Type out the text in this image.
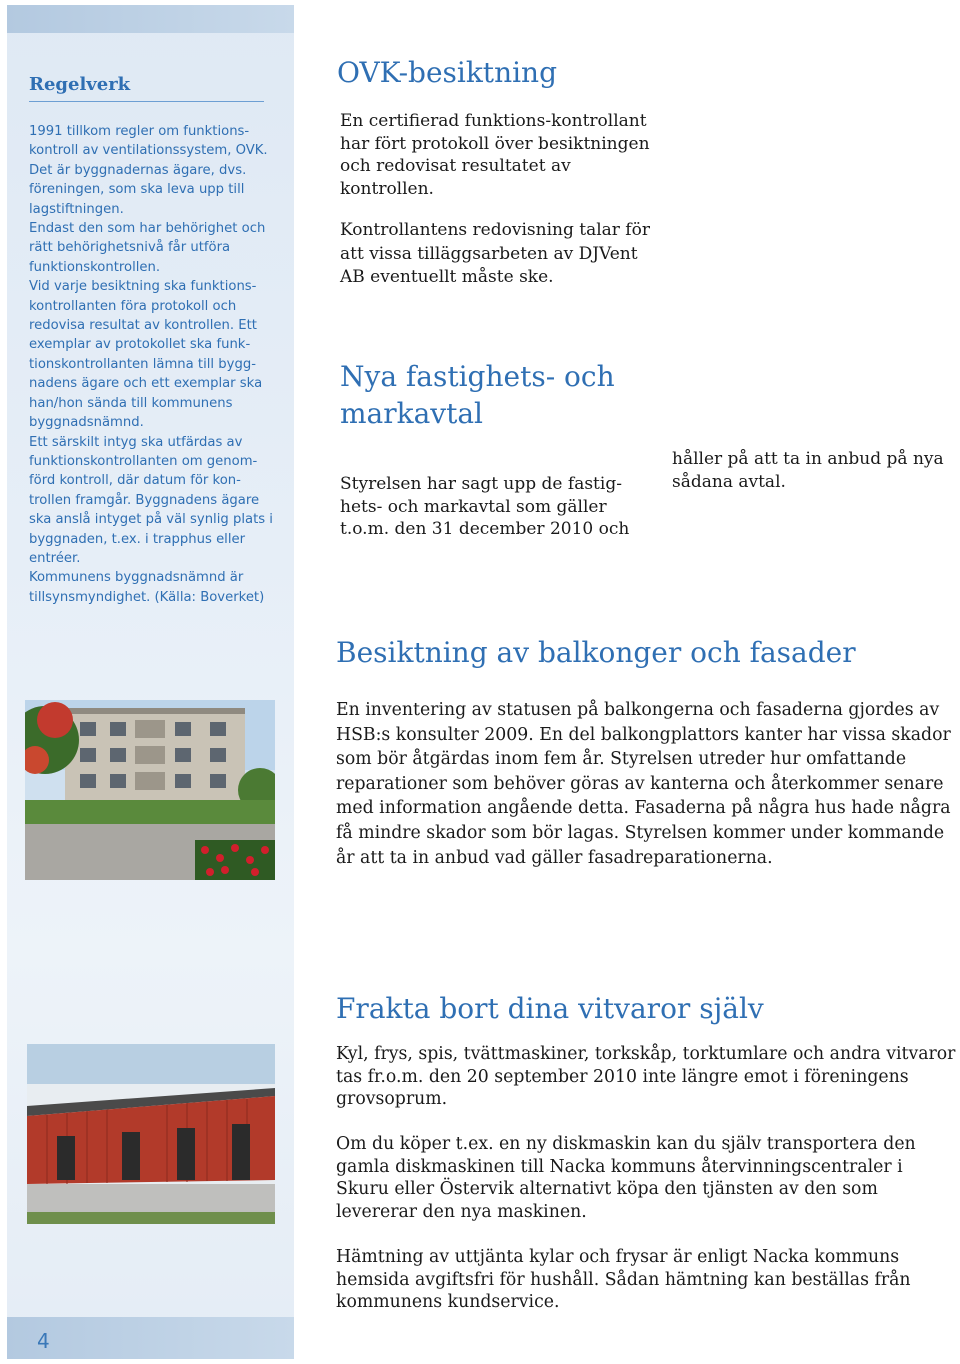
4
Regelverk

1991 tillkom regler om funktions-kontroll av ventilationssystem, OVK.

Det är byggnadernas ägare, dvs. föreningen, som ska leva upp till lagstiftningen.

Endast den som har behörighet och rätt behörighetsnivå får utföra funktionskontrollen.

Vid varje besiktning ska funktions-kontrollanten föra protokoll och redovisa resultat av kontrollen. Ett exemplar av protokollet ska funk-tionskontrollanten lämna till bygg-nadens ägare och ett exemplar ska han/hon sända till kommunens byggnadsnämnd.

Ett särskilt intyg ska utfärdas av funktionskontrollanten om genom-förd kontroll, där datum för kon-trollen framgår. Byggnadens ägare ska anslå intyget på väl synlig plats i byggnaden, t.ex. i trapphus eller entréer.

Kommunens byggnadsnämnd är tillsynsmyndighet. (Källa: Boverket)

OVK-besiktning

En certifierad funktions-kontrollant har fört protokoll över besiktningen och redovisat resultatet av kontrollen.

Kontrollantens redovisning talar för att vissa tilläggsarbeten av DJVent AB eventuellt måste ske.

Nya fastighets- och markavtal

Styrelsen har sagt upp de fastig-hets- och markavtal som gäller t.o.m. den 31 december 2010 och

håller på att ta in anbud på nya sådana avtal.

Besiktning av balkonger och fasader

En inventering av statusen på balkongerna och fasaderna gjordes av HSB:s konsulter 2009. En del balkongplattors kanter har vissa skador som bör åtgärdas inom fem år. Styrelsen utreder hur omfattande reparationer som behöver göras av kanterna och återkommer senare med information angående detta. Fasaderna på några hus hade några få mindre skador som bör lagas. Styrelsen kommer under kommande år att ta in anbud vad gäller fasadreparationerna.

Frakta bort dina vitvaror själv

Kyl, frys, spis, tvättmaskiner, torkskåp, torktumlare och andra vitvaror tas fr.o.m. den 20 september 2010 inte längre emot i föreningens grovsoprum.

Om du köper t.ex. en ny diskmaskin kan du själv transportera den gamla diskmaskinen till Nacka kommuns återvinningscentraler i Skuru eller Östervik alternativt köpa den tjänsten av den som levererar den nya maskinen.

Hämtning av uttjänta kylar och frysar är enligt Nacka kommuns hemsida avgiftsfri för hushåll. Sådan hämtning kan beställas från kommunens kundservice.
